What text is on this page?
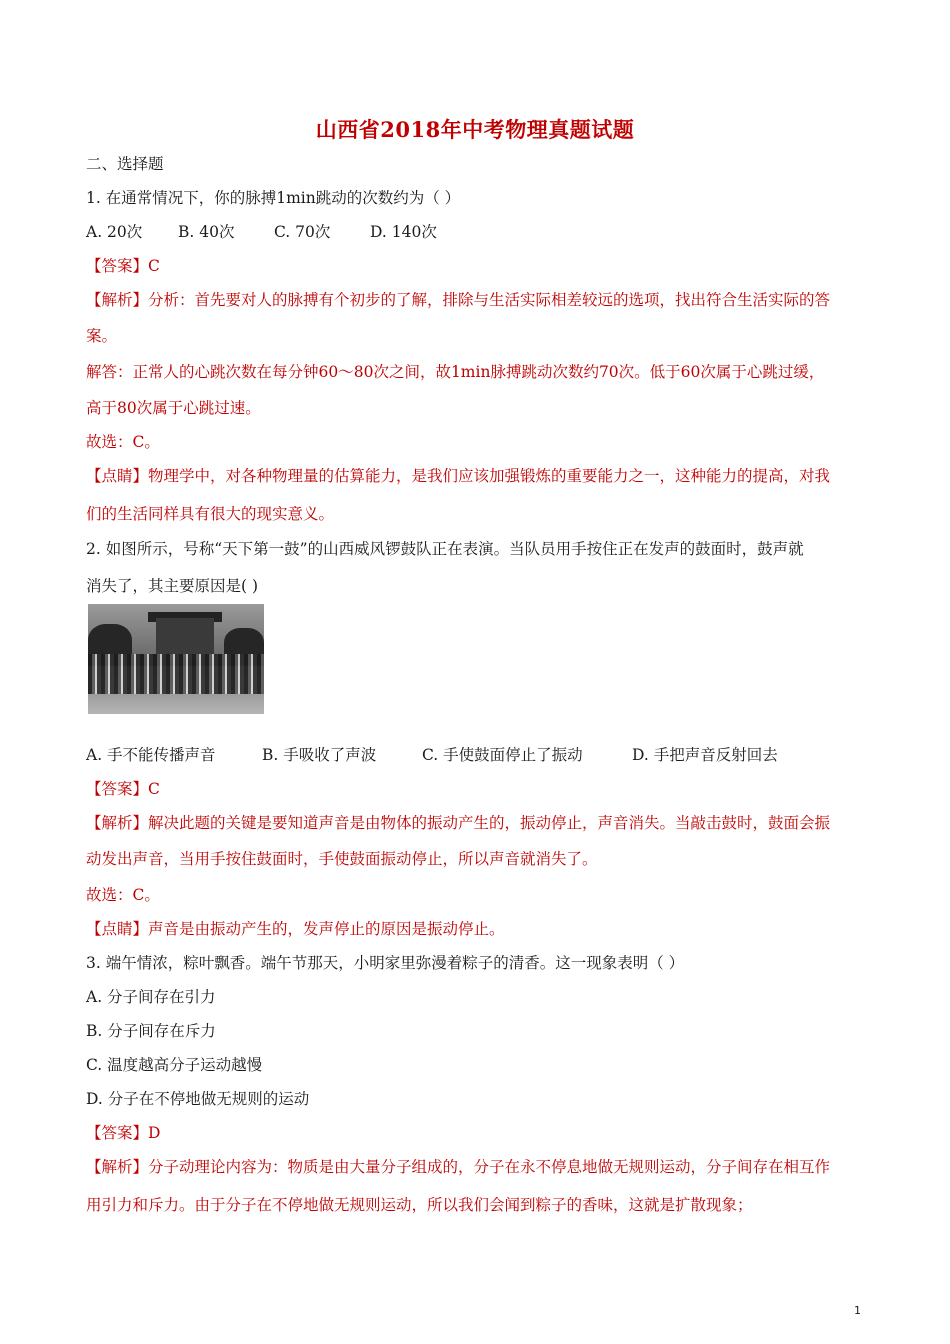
山西省2018年中考物理真题试题
二、选择题
1. 在通常情况下，你的脉搏1min跳动的次数约为（ ）
A. 20次 B. 40次	C. 70次	D. 140次
【答案】C
【解析】分析：首先要对人的脉搏有个初步的了解，排除与生活实际相差较远的选项，找出符合生活实际的答
案。
解答：正常人的心跳次数在每分钟60～80次之间，故1min脉搏跳动次数约70次。低于60次属于心跳过缓，
高于80次属于心跳过速。
故选：C。
【点睛】物理学中，对各种物理量的估算能力，是我们应该加强锻炼的重要能力之一，这种能力的提高，对我
们的生活同样具有很大的现实意义。
2. 如图所示，号称“天下第一鼓”的山西威风锣鼓队正在表演。当队员用手按住正在发声的鼓面时，鼓声就
消失了，其主要原因是( )
A. 手不能传播声音	B. 手吸收了声波	C. 手使鼓面停止了振动	D. 手把声音反射回去
【答案】C
【解析】解决此题的关键是要知道声音是由物体的振动产生的，振动停止，声音消失。当敲击鼓时，鼓面会振
动发出声音，当用手按住鼓面时，手使鼓面振动停止，所以声音就消失了。
故选：C。
【点睛】声音是由振动产生的，发声停止的原因是振动停止。
3. 端午情浓，粽叶飘香。端午节那天，小明家里弥漫着粽子的清香。这一现象表明（ ）
A. 分子间存在引力
B. 分子间存在斥力
C. 温度越高分子运动越慢
D. 分子在不停地做无规则的运动
【答案】D
【解析】分子动理论内容为：物质是由大量分子组成的，分子在永不停息地做无规则运动，分子间存在相互作
用引力和斥力。由于分子在不停地做无规则运动，所以我们会闻到粽子的香味，这就是扩散现象；
1
